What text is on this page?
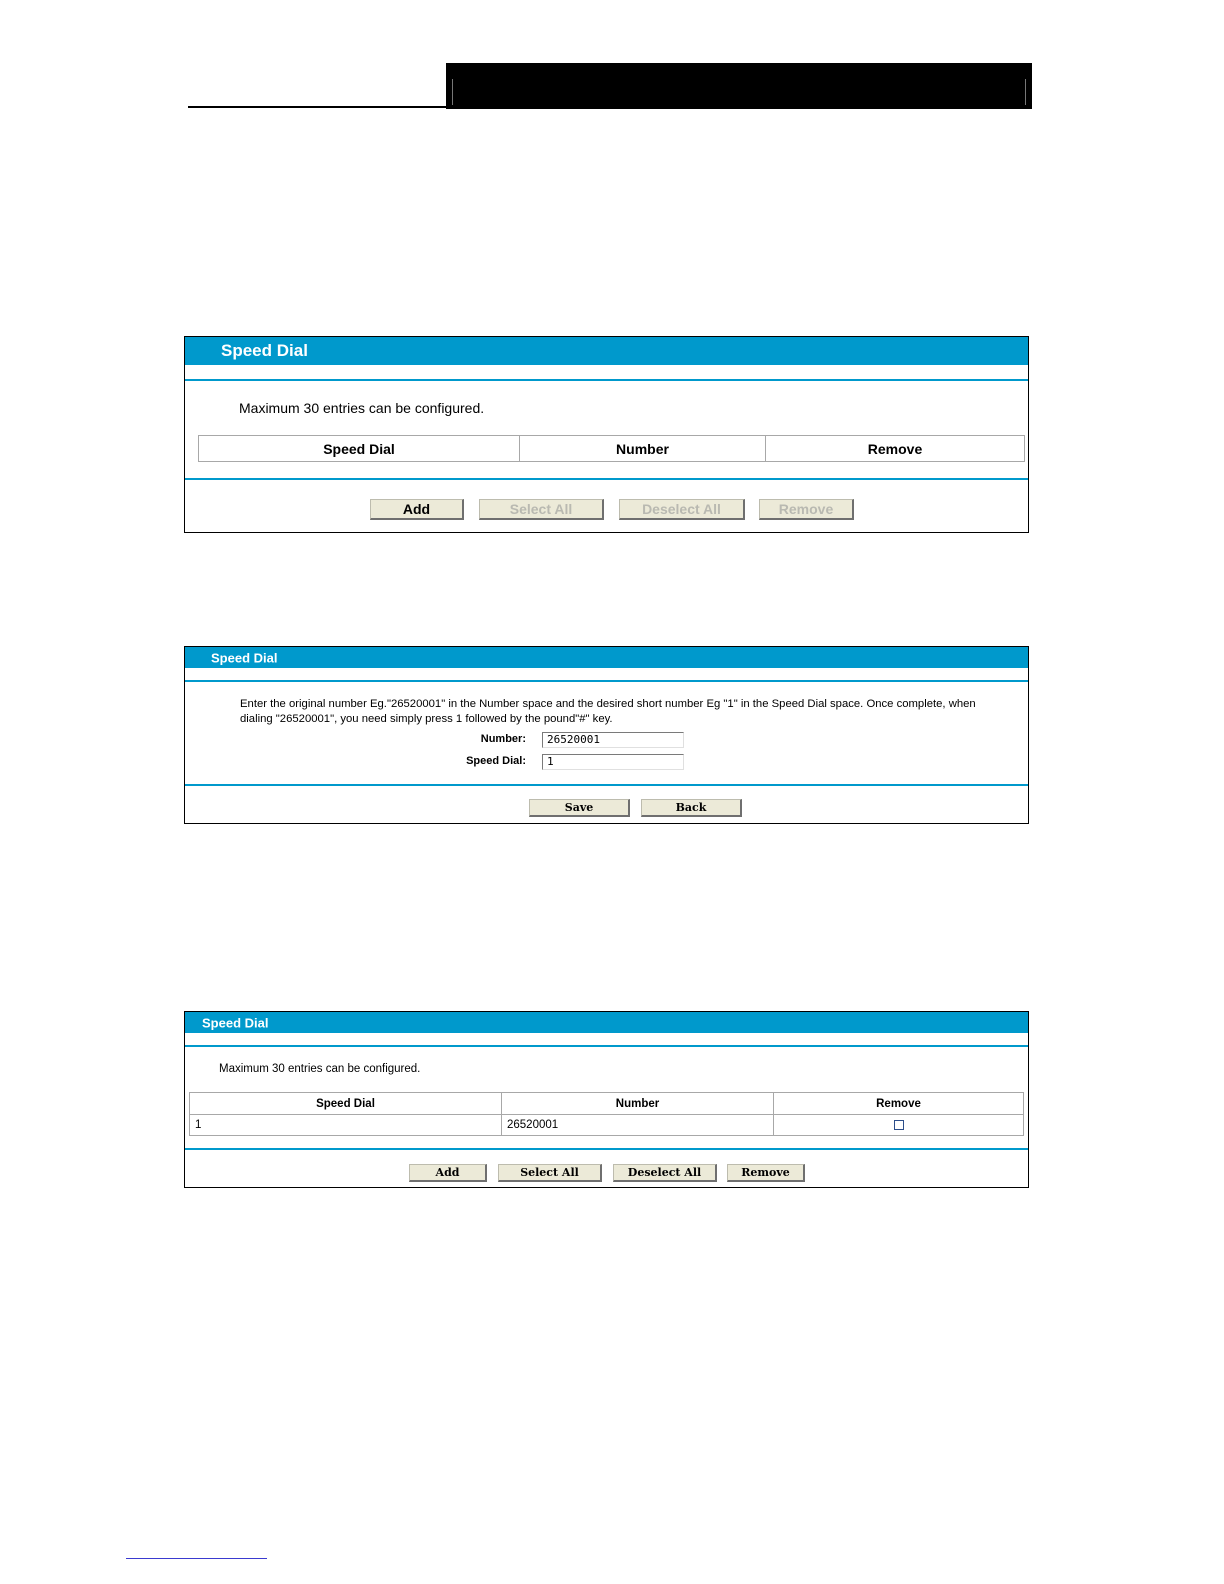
Speed Dial
Maximum 30 entries can be configured.
Speed Dial	Number	Remove
Add	Select All	Deselect All	Remove
Speed Dial
Enter the original number Eg."26520001" in the Number space and the desired short number Eg "1" in the Speed Dial space. Once complete, when
dialing "26520001", you need simply press 1 followed by the pound"#" key.
Number:	26520001
Speed Dial:	1
Save	Back
Speed Dial
Maximum 30 entries can be configured.
Speed Dial	Number	Remove
1	26520001	
Add	Select All	Deselect All	Remove
